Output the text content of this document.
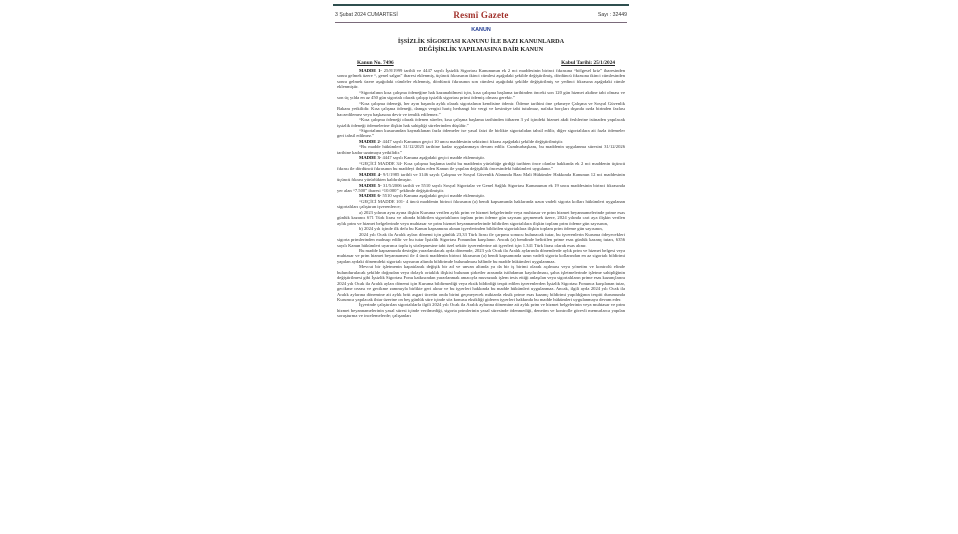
3 Şubat 2024 CUMARTESİ	Resmî Gazete	Sayı : 32449
KANUN
İŞSİZLİK SİGORTASI KANUNU İLE BAZI KANUNLARDA
DEĞİŞİKLİK YAPILMASINA DAİR KANUN
Kanun No. 7496	Kabul Tarihi: 25/1/2024

MADDE 1- 25/8/1999 tarihli ve 4447 sayılı İşsizlik Sigortası Kanununun ek 2 nci maddesinin birinci fıkrasına “bölgesel kriz” ibaresinden sonra gelmek üzere “, genel salgın” ibaresi eklenmiş, üçüncü fıkrasının ikinci cümlesi aşağıdaki şekilde değiştirilmiş, dördüncü fıkrasına ikinci cümlesinden sonra gelmek üzere aşağıdaki cümleler eklenmiş, dördüncü fıkrasının son cümlesi aşağıdaki şekilde değiştirilmiş ve yedinci fıkrasına aşağıdaki cümle eklenmiştir.

“Sigortalının kısa çalışma ödeneğine hak kazanabilmesi için, kısa çalışma başlama tarihinden önceki son 120 gün hizmet akdine tabi olması ve son üç yılda en az 450 gün sigortalı olarak çalışıp işsizlik sigortası primi ödemiş olması gerekir.”

“Kısa çalışma ödeneği, her ayın başında aylık olarak sigortalının kendisine ödenir. Ödeme tarihini öne çekmeye Çalışma ve Sosyal Güvenlik Bakanı yetkilidir. Kısa çalışma ödeneği, damga vergisi hariç herhangi bir vergi ve kesintiye tabi tutulmaz, nafaka borçları dışında ozda birinden fazlası haczedilemez veya başkasına devir ve temlik edilemez.”

“Kısa çalışma ödeneği olarak ödenen süreler, kısa çalışma başlama tarihinden itibaren 3 yıl içindeki hizmet akdi feshlerine istinaden yapılacak işsizlik ödeneği ödemelerine ilişkin hak sahipliği sürelerinden düşülür.”

“Sigortalının kusurundan kaynaklanan fazla ödemeler ise yasal faizi ile birlikte sigortalıdan tahsil edilir, diğer sigortalılara ait fazla ödemeler geri tahsil edilmez.”

MADDE 2- 4447 sayılı Kanunun geçici 10 uncu maddesinin sekizinci fıkrası aşağıdaki şekilde değiştirilmiştir.

“Bu madde hükümleri 31/12/2025 tarihine kadar uygulanmaya devam edilir. Cumhurbaşkanı, bu maddenin uygulanma süresini 31/12/2026 tarihine kadar uzatmaya yetkilidir.”

MADDE 3- 4447 sayılı Kanuna aşağıdaki geçici madde eklenmiştir.

“GEÇİCİ MADDE 34- Kısa çalışma başlama tarihi bu maddenin yürürlüğe girdiği tarihten önce olanlar hakkında ek 2 nci maddenin üçüncü fıkrası ile dördüncü fıkrasının bu maddeyi ihdas eden Kanun ile yapılan değişiklik öncesindeki hükümleri uygulanır.”

MADDE 4- 9/1/1985 tarihli ve 3146 sayılı Çalışma ve Sosyal Güvenlik Alanında Bazı Mali Hükümler Hakkında Kanunun 12 nci maddesinin üçüncü fıkrası yürürlükten kaldırılmıştır.

MADDE 5- 31/5/2006 tarihli ve 5510 sayılı Sosyal Sigortalar ve Genel Sağlık Sigortası Kanununun ek 19 uncu maddesinin birinci fıkrasında yer alan “7.500” ibaresi “10.000” şeklinde değiştirilmiştir.

MADDE 6- 5510 sayılı Kanuna aşağıdaki geçici madde eklenmiştir.

“GEÇİCİ MADDE 101- 4 üncü maddenin birinci fıkrasının (a) bendi kapsamında haklarında uzun vadeli sigorta kolları hükümleri uygulanan sigortalıları çalıştıran işverenlerce;

a) 2023 yılının aynı ayına ilişkin Kuruma verilen aylık prim ve hizmet belgelerinde veya muhtasar ve prim hizmet beyannamelerinde prime esas günlük kazancı 671 Türk lirası ve altında bildirilen sigortalıların toplam prim ödeme gün sayısını geçmemek üzere, 2024 yılında cari aya ilişkin verilen aylık prim ve hizmet belgelerinde veya muhtasar ve prim hizmet beyannamelerinde bildirilen sigortalılara ilişkin toplam prim ödeme gün sayısının,

b) 2024 yılı içinde ilk defa bu Kanun kapsamına alınan işyerlerinden bildirilen sigortalılara ilişkin toplam prim ödeme gün sayısının,

2024 yılı Ocak ila Aralık ayları dönemi için günlük 23,33 Türk lirası ile çarpımı sonucu bulunacak tutar, bu işverenlerin Kuruma ödeyecekleri sigorta primlerinden mahsup edilir ve bu tutar İşsizlik Sigortası Fonundan karşılanır. Ancak (a) bendinde belirtilen prime esas günlük kazanç tutarı, 6356 sayılı Kanun hükümleri uyarınca toplu iş sözleşmesine tabi özel sektör işverenlerine ait işyerleri için 1.341 Türk lirası olarak esas alınır.

Bu madde kapsamında desteğin yararlanılacak ayda dönemde, 2023 yılı Ocak ila Aralık aylarında dönemlerde aylık prim ve hizmet belgesi veya muhtasar ve prim hizmet beyannamesi ile 4 üncü maddenin birinci fıkrasının (a) bendi kapsamında uzun vadeli sigorta kollarından en az sigortalı bildirimi yapılan aydaki dönemdeki sigortalı sayısının altında bildirimde bulunulması hâlinde bu madde hükümleri uygulanmaz.

Mevcut bir işletmenin kapatılarak değişik bir ad ve unvan altında ya da bir iş birimi olarak açılması veya yönetim ve kontrolü elinde bulundurulacak şekilde doğrudan veya dolaylı ortaklık ilişkisi bulunan şirketler arasında istihdamın kaydırılması, şahıs işletmelerinde işletme sahipliğinin değiştirilmesi gibi İşsizlik Sigortası Fonu katkısından yararlanmak amacıyla muvazaalı işlem tesis ettiği anlaşılan veya sigortalıların prime esas kazançlarını 2024 yılı Ocak ila Aralık ayları dönemi için Kuruma bildirmediği veya eksik bildirdiği tespit edilen işverenlerden İşsizlik Sigortası Fonunca karşılanan tutar, gecikme cezası ve gecikme zammıyla birlikte geri alınır ve bu işyerleri hakkında bu madde hükümleri uygulanmaz. Ancak, ilgili ayda 2024 yılı Ocak ila Aralık aylarına dönemine ait aylık brüt asgari ücretin onda birini geçmeyecek miktarda eksik prime esas kazanç bildirimi yapıldığının tespiti durumunda Kurumca yapılacak ihtar üzerine on beş günlük süre içinde söz konusu eksikliği gideren işyerleri hakkında bu madde hükümleri uygulanmaya devam eder.

İşyerinde çalıştırılan sigortalılarla ilgili 2024 yılı Ocak ila Aralık aylarına dönemine ait aylık prim ve hizmet belgelerinin veya muhtasar ve prim hizmet beyannamelerinin yasal süresi içinde verilmediği, sigorta primlerinin yasal süresinde ödenmediği, denetim ve kontrolle görevli memurlarca yapılan soruşturma ve incelemelerde; çalışanları
